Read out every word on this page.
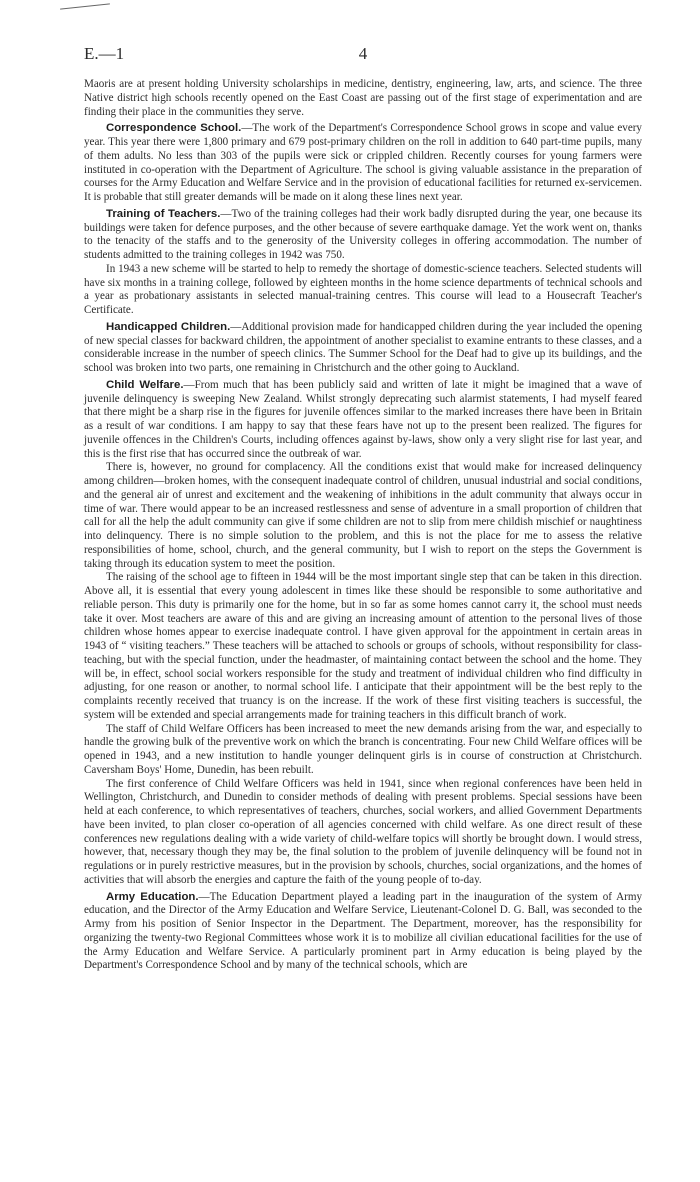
E.—1	4

Maoris are at present holding University scholarships in medicine, dentistry, engineering, law, arts, and science. The three Native district high schools recently opened on the East Coast are passing out of the first stage of experimentation and are finding their place in the communities they serve.

Correspondence School.—The work of the Department's Correspondence School grows in scope and value every year. This year there were 1,800 primary and 679 post-primary children on the roll in addition to 640 part-time pupils, many of them adults. No less than 303 of the pupils were sick or crippled children. Recently courses for young farmers were instituted in co-operation with the Department of Agriculture. The school is giving valuable assistance in the preparation of courses for the Army Education and Welfare Service and in the provision of educational facilities for returned ex-servicemen. It is probable that still greater demands will be made on it along these lines next year.

Training of Teachers.—Two of the training colleges had their work badly disrupted during the year, one because its buildings were taken for defence purposes, and the other because of severe earthquake damage. Yet the work went on, thanks to the tenacity of the staffs and to the generosity of the University colleges in offering accommodation. The number of students admitted to the training colleges in 1942 was 750.

In 1943 a new scheme will be started to help to remedy the shortage of domestic-science teachers. Selected students will have six months in a training college, followed by eighteen months in the home science departments of technical schools and a year as probationary assistants in selected manual-training centres. This course will lead to a Housecraft Teacher's Certificate.

Handicapped Children.—Additional provision made for handicapped children during the year included the opening of new special classes for backward children, the appointment of another specialist to examine entrants to these classes, and a considerable increase in the number of speech clinics. The Summer School for the Deaf had to give up its buildings, and the school was broken into two parts, one remaining in Christchurch and the other going to Auckland.

Child Welfare.—From much that has been publicly said and written of late it might be imagined that a wave of juvenile delinquency is sweeping New Zealand. Whilst strongly deprecating such alarmist statements, I had myself feared that there might be a sharp rise in the figures for juvenile offences similar to the marked increases there have been in Britain as a result of war conditions. I am happy to say that these fears have not up to the present been realized. The figures for juvenile offences in the Children's Courts, including offences against by-laws, show only a very slight rise for last year, and this is the first rise that has occurred since the outbreak of war.

There is, however, no ground for complacency. All the conditions exist that would make for increased delinquency among children—broken homes, with the consequent inadequate control of children, unusual industrial and social conditions, and the general air of unrest and excitement and the weakening of inhibitions in the adult community that always occur in time of war. There would appear to be an increased restlessness and sense of adventure in a small proportion of children that call for all the help the adult community can give if some children are not to slip from mere childish mischief or naughtiness into delinquency. There is no simple solution to the problem, and this is not the place for me to assess the relative responsibilities of home, school, church, and the general community, but I wish to report on the steps the Government is taking through its education system to meet the position.

The raising of the school age to fifteen in 1944 will be the most important single step that can be taken in this direction. Above all, it is essential that every young adolescent in times like these should be responsible to some authoritative and reliable person. This duty is primarily one for the home, but in so far as some homes cannot carry it, the school must needs take it over. Most teachers are aware of this and are giving an increasing amount of attention to the personal lives of those children whose homes appear to exercise inadequate control. I have given approval for the appointment in certain areas in 1943 of “ visiting teachers.” These teachers will be attached to schools or groups of schools, without responsibility for class-teaching, but with the special function, under the headmaster, of maintaining contact between the school and the home. They will be, in effect, school social workers responsible for the study and treatment of individual children who find difficulty in adjusting, for one reason or another, to normal school life. I anticipate that their appointment will be the best reply to the complaints recently received that truancy is on the increase. If the work of these first visiting teachers is successful, the system will be extended and special arrangements made for training teachers in this difficult branch of work.

The staff of Child Welfare Officers has been increased to meet the new demands arising from the war, and especially to handle the growing bulk of the preventive work on which the branch is concentrating. Four new Child Welfare offices will be opened in 1943, and a new institution to handle younger delinquent girls is in course of construction at Christchurch. Caversham Boys' Home, Dunedin, has been rebuilt.

The first conference of Child Welfare Officers was held in 1941, since when regional conferences have been held in Wellington, Christchurch, and Dunedin to consider methods of dealing with present problems. Special sessions have been held at each conference, to which representatives of teachers, churches, social workers, and allied Government Departments have been invited, to plan closer co-operation of all agencies concerned with child welfare. As one direct result of these conferences new regulations dealing with a wide variety of child-welfare topics will shortly be brought down. I would stress, however, that, necessary though they may be, the final solution to the problem of juvenile delinquency will be found not in regulations or in purely restrictive measures, but in the provision by schools, churches, social organizations, and the homes of activities that will absorb the energies and capture the faith of the young people of to-day.

Army Education.—The Education Department played a leading part in the inauguration of the system of Army education, and the Director of the Army Education and Welfare Service, Lieutenant-Colonel D. G. Ball, was seconded to the Army from his position of Senior Inspector in the Department. The Department, moreover, has the responsibility for organizing the twenty-two Regional Committees whose work it is to mobilize all civilian educational facilities for the use of the Army Education and Welfare Service. A particularly prominent part in Army education is being played by the Department's Correspondence School and by many of the technical schools, which are
